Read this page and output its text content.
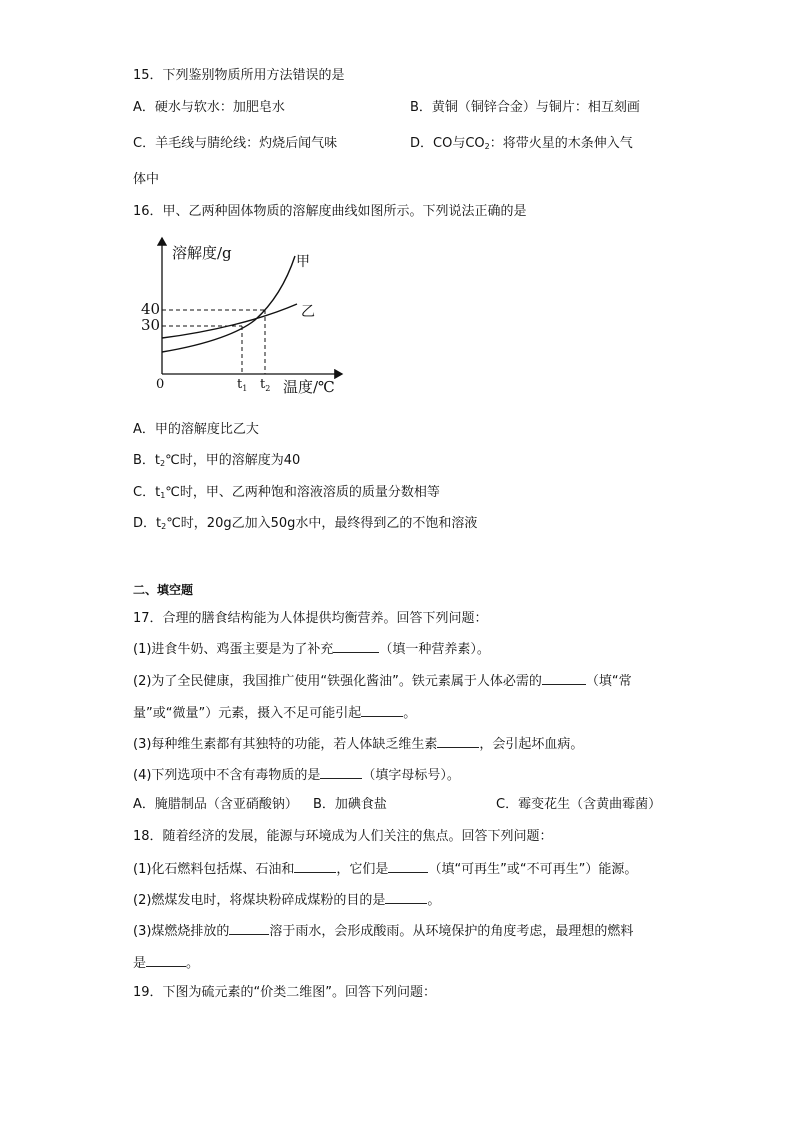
15．下列鉴别物质所用方法错误的是
A．硬水与软水：加肥皂水	B．黄铜（铜锌合金）与铜片：相互刻画
C．羊毛线与腈纶线：灼烧后闻气味	D．CO与$CO_2$：将带火星的木条伸入气
体中
16．甲、乙两种固体物质的溶解度曲线如图所示。下列说法正确的是
溶解度/g
温度/℃
0
30
40
甲
乙
$t_1$ $t_2$
A．甲的溶解度比乙大
B．$t_2℃$时，甲的溶解度为40
C．$t_1℃$时，甲、乙两种饱和溶液溶质的质量分数相等
D．$t_2℃$时，20g乙加入50g水中，最终得到乙的不饱和溶液
二、填空题
17．合理的膳食结构能为人体提供均衡营养。回答下列问题：
(1)进食牛奶、鸡蛋主要是为了补充	（填一种营养素）。
(2)为了全民健康，我国推广使用“铁强化酱油”。铁元素属于人体必需的	（填“常
量”或“微量”）元素，摄入不足可能引起	。
(3)每种维生素都有其独特的功能，若人体缺乏维生素	，会引起坏血病。
(4)下列选项中不含有毒物质的是	（填字母标号）。
A．腌腊制品（含亚硝酸钠） B．加碘食盐	C．霉变花生（含黄曲霉菌）
18．随着经济的发展，能源与环境成为人们关注的焦点。回答下列问题：
(1)化石燃料包括煤、石油和	，它们是	（填“可再生”或“不可再生”）能源。
(2)燃煤发电时，将煤块粉碎成煤粉的目的是	。
(3)煤燃烧排放的	溶于雨水，会形成酸雨。从环境保护的角度考虑，最理想的燃料
是	。
19．下图为硫元素的“价类二维图”。回答下列问题：
